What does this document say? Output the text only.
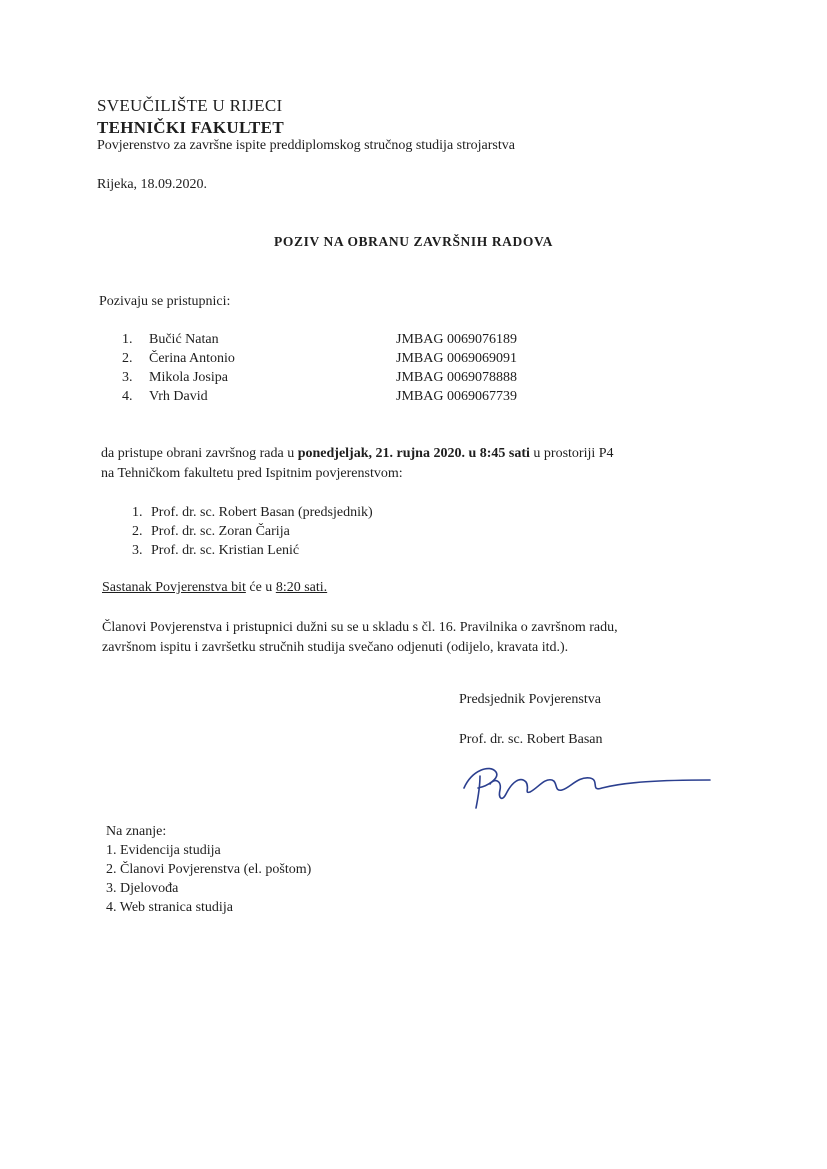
SVEUČILIŠTE U RIJECI
TEHNIČKI FAKULTET
Povjerenstvo za završne ispite preddiplomskog stručnog studija strojarstva
Rijeka, 18.09.2020.
POZIV NA OBRANU ZAVRŠNIH RADOVA
Pozivaju se pristupnici:
1. Bučić Natan	JMBAG 0069076189
2. Čerina Antonio	JMBAG 0069069091
3. Mikola Josipa	JMBAG 0069078888
4. Vrh David	JMBAG 0069067739
da pristupe obrani završnog rada u ponedjeljak, 21. rujna 2020. u 8:45 sati u prostoriji P4
na Tehničkom fakultetu pred Ispitnim povjerenstvom:
1. Prof. dr. sc. Robert Basan (predsjednik)
2. Prof. dr. sc. Zoran Čarija
3. Prof. dr. sc. Kristian Lenić
Sastanak Povjerenstva bit će u 8:20 sati.
Članovi Povjerenstva i pristupnici dužni su se u skladu s čl. 16. Pravilnika o završnom radu,
završnom ispitu i završetku stručnih studija svečano odjenuti (odijelo, kravata itd.).
Predsjednik Povjerenstva
Prof. dr. sc. Robert Basan
Na znanje:
1. Evidencija studija
2. Članovi Povjerenstva (el. poštom)
3. Djelovođa
4. Web stranica studija
